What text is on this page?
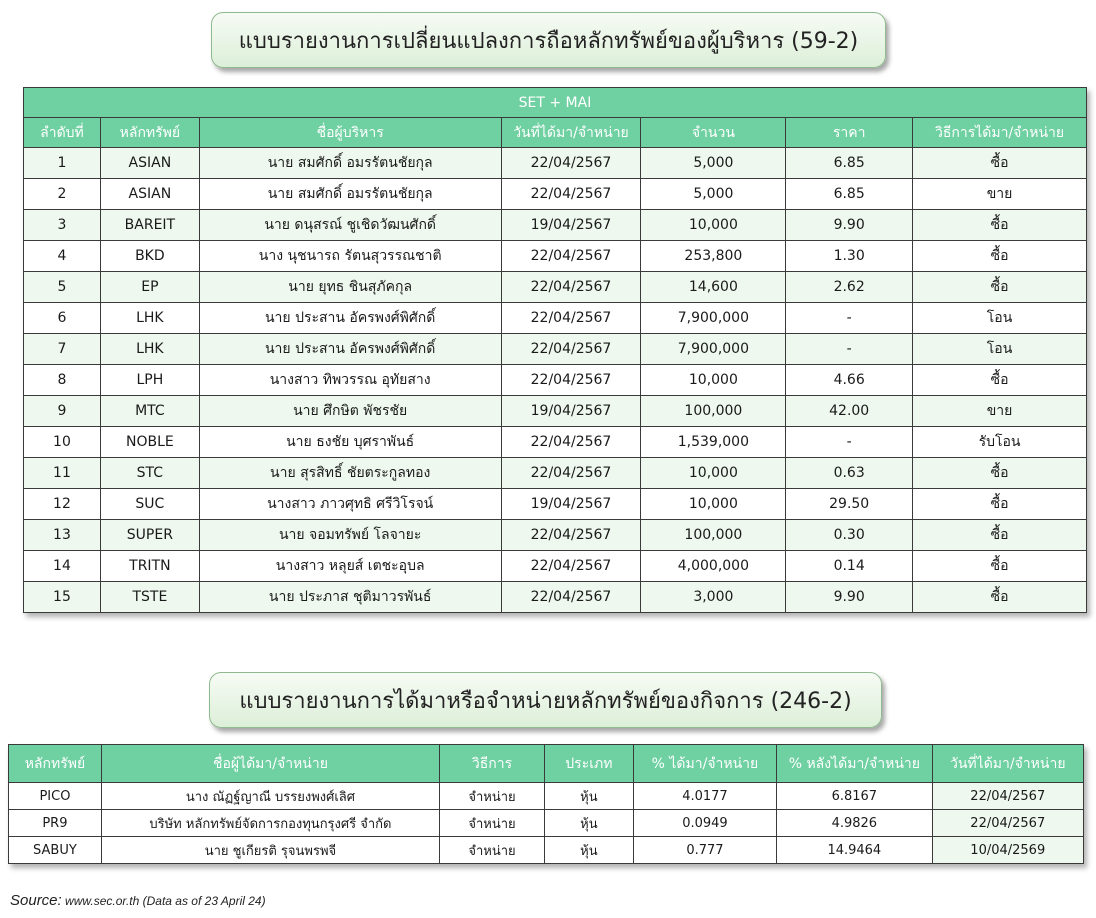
แบบรายงานการเปลี่ยนแปลงการถือหลักทรัพย์ของผู้บริหาร (59-2)
SET + MAI						
ลำดับที่	หลักทรัพย์	ชื่อผู้บริหาร	วันที่ได้มา/จำหน่าย	จำนวน	ราคา	วิธีการได้มา/จำหน่าย
1	ASIAN	นาย สมศักดิ์ อมรรัตนชัยกุล	22/04/2567	5,000	6.85	ซื้อ
2	ASIAN	นาย สมศักดิ์ อมรรัตนชัยกุล	22/04/2567	5,000	6.85	ขาย
3	BAREIT	นาย ดนุสรณ์ ชูเชิดวัฒนศักดิ์	19/04/2567	10,000	9.90	ซื้อ
4	BKD	นาง นุชนารถ รัตนสุวรรณชาติ	22/04/2567	253,800	1.30	ซื้อ
5	EP	นาย ยุทธ ชินสุภัคกุล	22/04/2567	14,600	2.62	ซื้อ
6	LHK	นาย ประสาน อัครพงศ์พิศักดิ์	22/04/2567	7,900,000	-	โอน
7	LHK	นาย ประสาน อัครพงศ์พิศักดิ์	22/04/2567	7,900,000	-	โอน
8	LPH	นางสาว ทิพวรรณ อุทัยสาง	22/04/2567	10,000	4.66	ซื้อ
9	MTC	นาย ศึกษิต พัชรชัย	19/04/2567	100,000	42.00	ขาย
10	NOBLE	นาย ธงชัย บุศราพันธ์	22/04/2567	1,539,000	-	รับโอน
11	STC	นาย สุรสิทธิ์ ชัยตระกูลทอง	22/04/2567	10,000	0.63	ซื้อ
12	SUC	นางสาว ภาวศุทธิ ศรีวิโรจน์	19/04/2567	10,000	29.50	ซื้อ
13	SUPER	นาย จอมทรัพย์ โลจายะ	22/04/2567	100,000	0.30	ซื้อ
14	TRITN	นางสาว หลุยส์ เตชะอุบล	22/04/2567	4,000,000	0.14	ซื้อ
15	TSTE	นาย ประภาส ชุติมาวรพันธ์	22/04/2567	3,000	9.90	ซื้อ
แบบรายงานการได้มาหรือจำหน่ายหลักทรัพย์ของกิจการ (246-2)
หลักทรัพย์	ชื่อผู้ได้มา/จำหน่าย	วิธีการ	ประเภท	% ได้มา/จำหน่าย	% หลังได้มา/จำหน่าย	วันที่ได้มา/จำหน่าย
PICO	นาง ณัฏฐ์ญาณี บรรยงพงศ์เลิศ	จำหน่าย	หุ้น	4.0177	6.8167	22/04/2567
PR9	บริษัท หลักทรัพย์จัดการกองทุนกรุงศรี จำกัด	จำหน่าย	หุ้น	0.0949	4.9826	22/04/2567
SABUY	นาย ชูเกียรติ รุจนพรพจี	จำหน่าย	หุ้น	0.777	14.9464	10/04/2569
Source: www.sec.or.th (Data as of 23 April 24)
